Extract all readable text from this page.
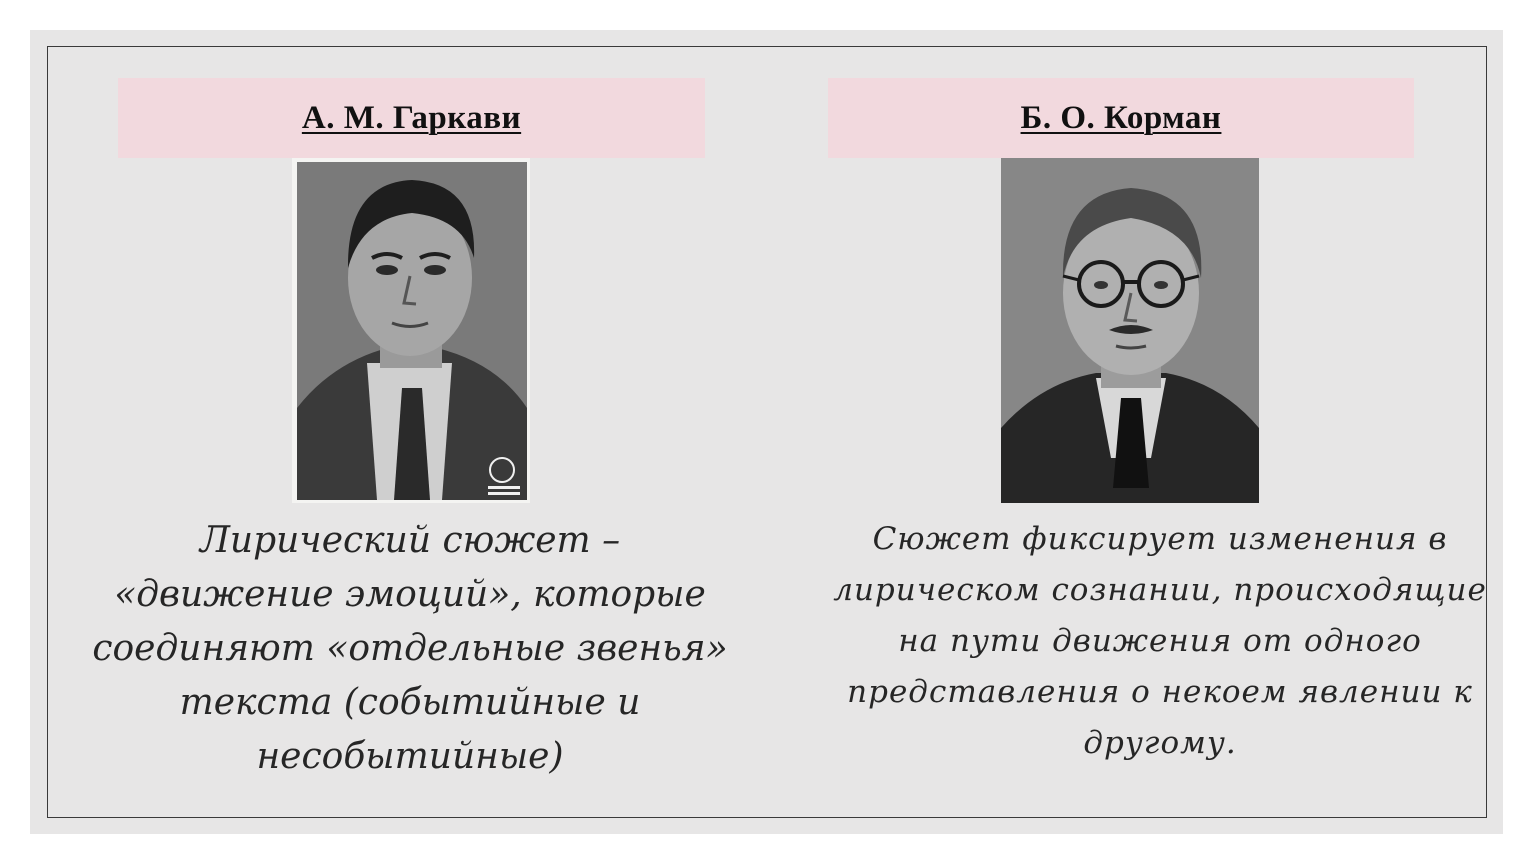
А. М. Гаркави	Б. О. Корман
Лирический сюжет –
«движение эмоций», которые
соединяют «отдельные звенья»
текста (событийные и
несобытийные)
Сюжет фиксирует изменения в
лирическом сознании, происходящие
на пути движения от одного
представления о некоем явлении к
другому.
